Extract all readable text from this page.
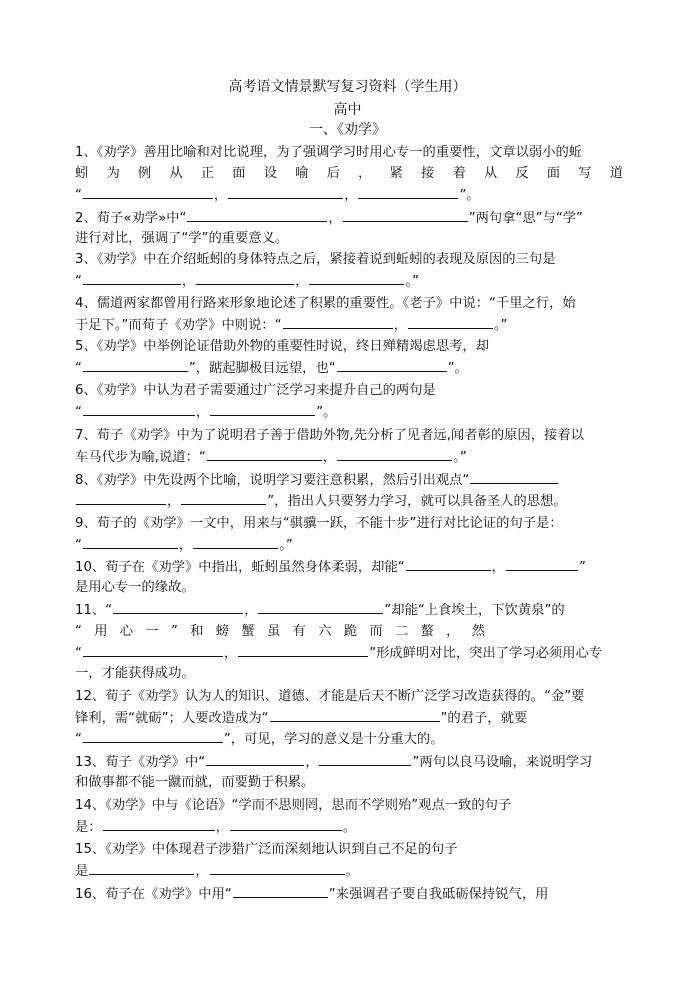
高考语文情景默写复习资料（学生用）
高中
一、《劝学》
1、《劝学》善用比喻和对比说理，为了强调学习时用心专一的重要性，文章以弱小的蚯
蚓 为 例 从 正 面 设 喻 后 ， 紧 接 着 从 反 面 写 道
“	，	，	”。
2、荀子«劝学»中“	，	”两句拿“思”与“学”
进行对比，强调了“学”的重要意义。
3、《劝学》中在介绍蚯蚓的身体特点之后，紧接着说到蚯蚓的表现及原因的三句是
“	，	，	。”
4、儒道两家都曾用行路来形象地论述了积累的重要性。《老子》中说：“千里之行，始
于足下。”而荀子《劝学》中则说：“	，	。”
5、《劝学》中举例论证借助外物的重要性时说，终日殚精竭虑思考，却
“	”，踮起脚极目远望，也“	”。
6、《劝学》中认为君子需要通过广泛学习来提升自己的两句是
“	，	”。
7、荀子《劝学》中为了说明君子善于借助外物,先分析了见者远,闻者彰的原因，接着以
车马代步为喻,说道：“	，	。”
8、《劝学》中先设两个比喻，说明学习要注意积累，然后引出观点“
，	”，指出人只要努力学习，就可以具备圣人的思想。
9、荀子的《劝学》一文中，用来与“骐骥一跃，不能十步”进行对比论证的句子是：
“	，	。”
10、荀子在《劝学》中指出，蚯蚓虽然身体柔弱，却能“	，	”
是用心专一的缘故。
11、“	，	”却能“上食埃土，下饮黄泉”的
“用心一”和螃蟹虽有六跪而二螯，然
“	，	”形成鲜明对比，突出了学习必须用心专
一，才能获得成功。
12、荀子《劝学》认为人的知识、道德、才能是后天不断广泛学习改造获得的。“金”要
锋利，需“就砺”；人要改造成为“	”的君子，就要
“	”，可见，学习的意义是十分重大的。
13、荀子《劝学》中“	，	”两句以良马设喻，来说明学习
和做事都不能一蹴而就，而要勤于积累。
14、《劝学》中与《论语》“学而不思则罔，思而不学则殆”观点一致的句子
是：	，	。
15、《劝学》中体现君子涉猎广泛而深刻地认识到自己不足的句子
是	，	。
16、荀子在《劝学》中用“	”来强调君子要自我砥砺保持锐气，用
